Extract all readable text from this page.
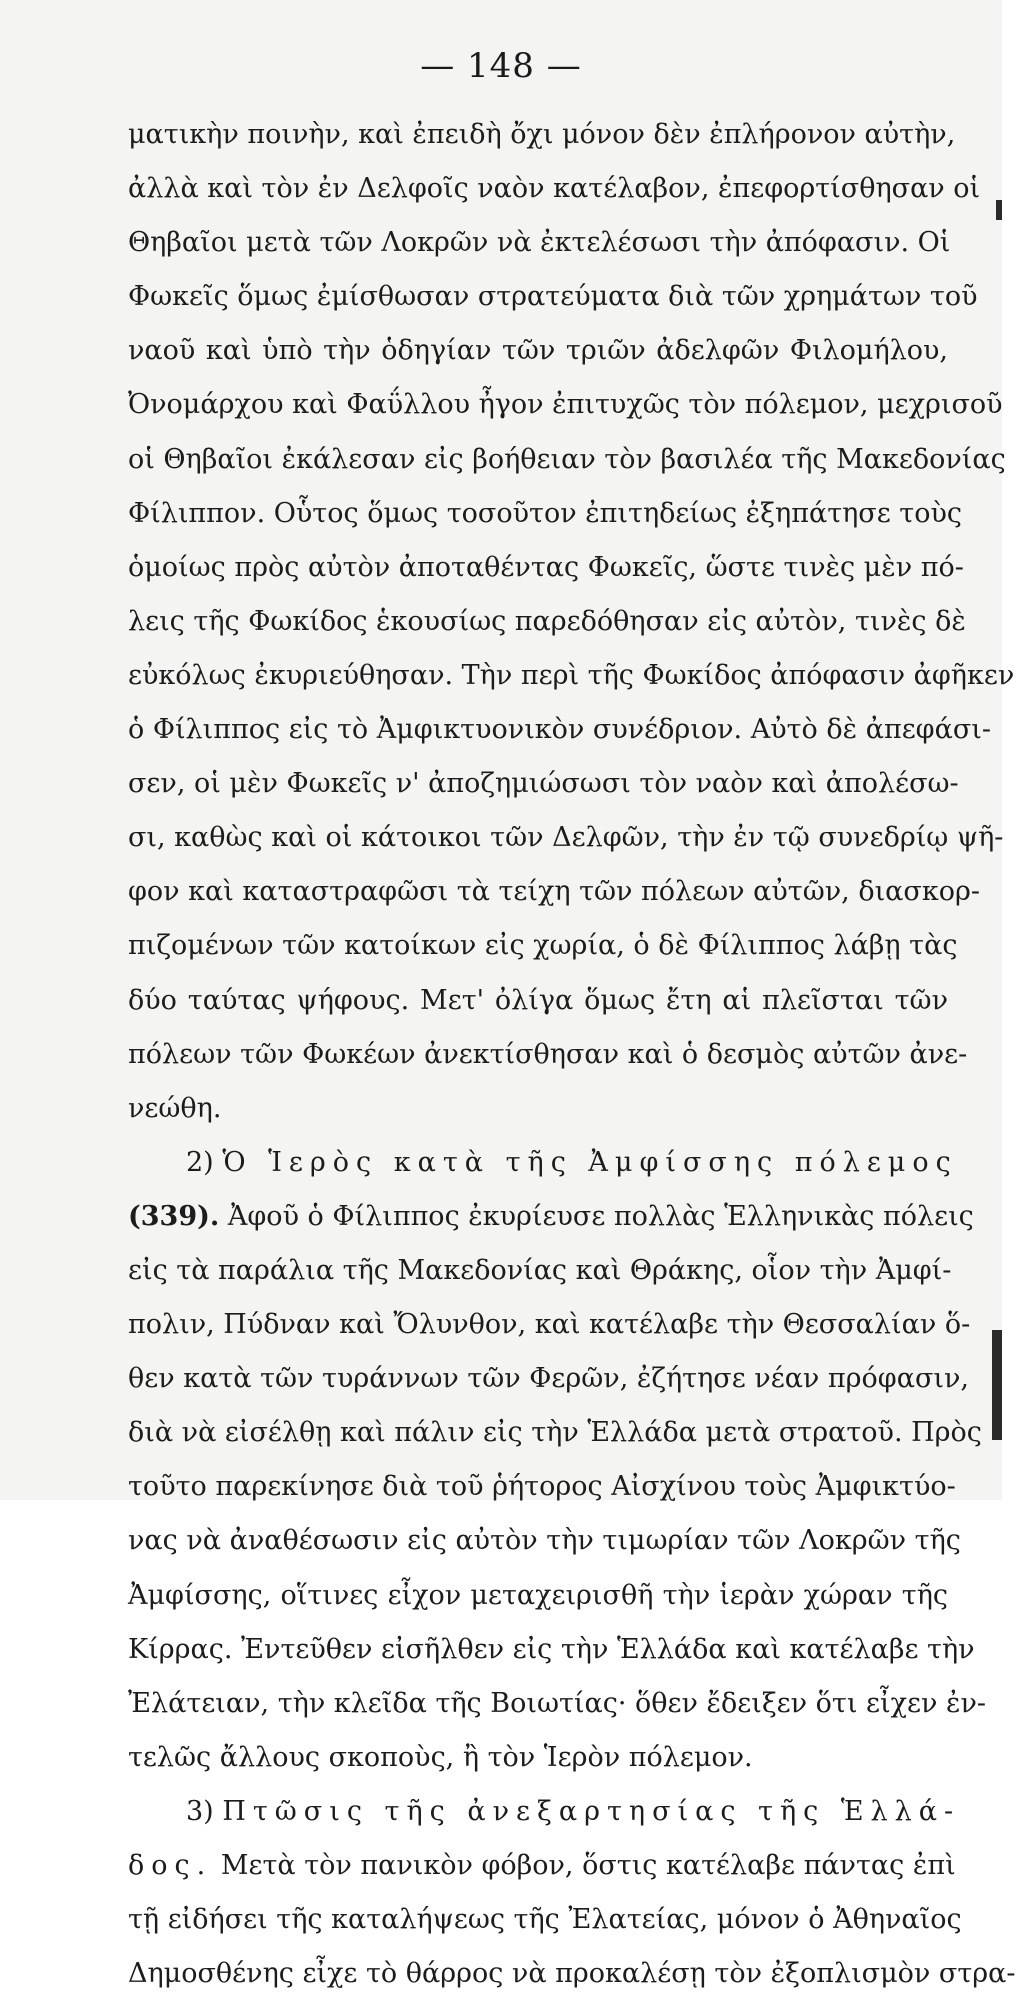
— 148 —
ματικὴν ποινὴν, καὶ ἐπειδὴ ὄχι μόνον δὲν ἐπλήρονον αὐτὴν,
ἀλλὰ καὶ τὸν ἐν Δελφοῖς ναὸν κατέλαβον, ἐπεφορτίσθησαν οἱ
Θηβαῖοι μετὰ τῶν Λοκρῶν νὰ ἐκτελέσωσι τὴν ἀπόφασιν. Οἱ
Φωκεῖς ὅμως ἐμίσθωσαν στρατεύματα διὰ τῶν χρημάτων τοῦ
ναοῦ καὶ ὑπὸ τὴν ὁδηγίαν τῶν τριῶν ἀδελφῶν Φιλομήλου,
Ὀνομάρχου καὶ Φαΰλλου ἦγον ἐπιτυχῶς τὸν πόλεμον, μεχρισοῦ
οἱ Θηβαῖοι ἐκάλεσαν εἰς βοήθειαν τὸν βασιλέα τῆς Μακεδονίας
Φίλιππον. Οὗτος ὅμως τοσοῦτον ἐπιτηδείως ἐξηπάτησε τοὺς
ὁμοίως πρὸς αὐτὸν ἀποταθέντας Φωκεῖς, ὥστε τινὲς μὲν πό-
λεις τῆς Φωκίδος ἑκουσίως παρεδόθησαν εἰς αὐτὸν, τινὲς δὲ
εὐκόλως ἐκυριεύθησαν. Τὴν περὶ τῆς Φωκίδος ἀπόφασιν ἀφῆκεν
ὁ Φίλιππος εἰς τὸ Ἀμφικτυονικὸν συνέδριον. Αὐτὸ δὲ ἀπεφάσι-
σεν, οἱ μὲν Φωκεῖς ν' ἀποζημιώσωσι τὸν ναὸν καὶ ἀπολέσω-
σι, καθὼς καὶ οἱ κάτοικοι τῶν Δελφῶν, τὴν ἐν τῷ συνεδρίῳ ψῆ-
φον καὶ καταστραφῶσι τὰ τείχη τῶν πόλεων αὐτῶν, διασκορ-
πιζομένων τῶν κατοίκων εἰς χωρία, ὁ δὲ Φίλιππος λάβῃ τὰς
δύο ταύτας ψήφους. Μετ' ὀλίγα ὅμως ἔτη αἱ πλεῖσται τῶν
πόλεων τῶν Φωκέων ἀνεκτίσθησαν καὶ ὁ δεσμὸς αὐτῶν ἀνε-
νεώθη.
2) Ὁ Ἱερὸς κατὰ τῆς Ἀμφίσσης πόλεμος
(339). Ἀφοῦ ὁ Φίλιππος ἐκυρίευσε πολλὰς Ἑλληνικὰς πόλεις
εἰς τὰ παράλια τῆς Μακεδονίας καὶ Θράκης, οἷον τὴν Ἀμφί-
πολιν, Πύδναν καὶ Ὄλυνθον, καὶ κατέλαβε τὴν Θεσσαλίαν ὅ-
θεν κατὰ τῶν τυράννων τῶν Φερῶν, ἐζήτησε νέαν πρόφασιν,
διὰ νὰ εἰσέλθῃ καὶ πάλιν εἰς τὴν Ἑλλάδα μετὰ στρατοῦ. Πρὸς
τοῦτο παρεκίνησε διὰ τοῦ ῥήτορος Αἰσχίνου τοὺς Ἀμφικτύο-
νας νὰ ἀναθέσωσιν εἰς αὐτὸν τὴν τιμωρίαν τῶν Λοκρῶν τῆς
Ἀμφίσσης, οἵτινες εἶχον μεταχειρισθῆ τὴν ἱερὰν χώραν τῆς
Κίρρας. Ἐντεῦθεν εἰσῆλθεν εἰς τὴν Ἑλλάδα καὶ κατέλαβε τὴν
Ἐλάτειαν, τὴν κλεῖδα τῆς Βοιωτίας· ὅθεν ἔδειξεν ὅτι εἶχεν ἐν-
τελῶς ἄλλους σκοποὺς, ἢ τὸν Ἱερὸν πόλεμον.
3) Πτῶσις τῆς ἀνεξαρτησίας τῆς Ἑλλά-
δος. Μετὰ τὸν πανικὸν φόβον, ὅστις κατέλαβε πάντας ἐπὶ
τῇ εἰδήσει τῆς καταλήψεως τῆς Ἐλατείας, μόνον ὁ Ἀθηναῖος
Δημοσθένης εἶχε τὸ θάρρος νὰ προκαλέσῃ τὸν ἐξοπλισμὸν στρα-
